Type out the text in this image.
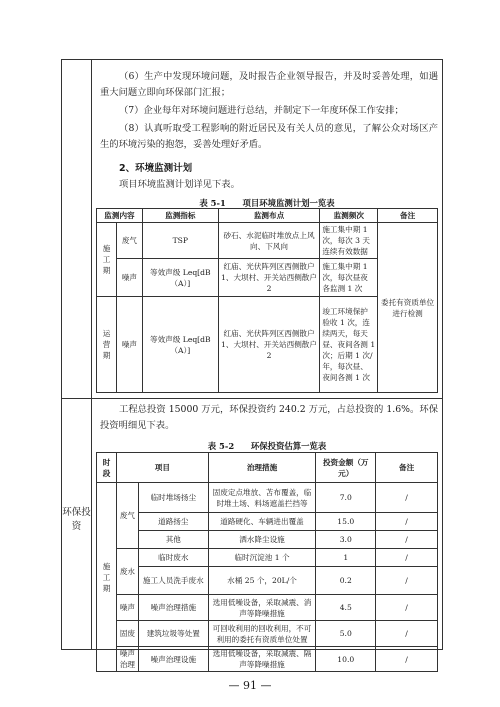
（6）生产中发现环境问题，及时报告企业领导报告，并及时妥善处理，如遇重大问题立即向环保部门汇报；
（7）企业每年对环境问题进行总结，并制定下一年度环保工作安排；
（8）认真听取受工程影响的附近居民及有关人员的意见，了解公众对场区产生的环境污染的抱怨，妥善处理好矛盾。
2、环境监测计划
项目环境监测计划详见下表。
表 5-1　　项目环境监测计划一览表
监测内容		监测指标	监测布点	监测频次	备注
施工期	废气	TSP	砂石、水泥临时堆放点上风向、下风向	施工集中期 1 次，每次 3 天连续有效数据	委托有资质单位进行检测
	噪声	等效声级 Leq[dB（A）]	红庙、光伏阵列区西侧散户 1、大坝村、开关站西侧散户 2	施工集中期 1 次，每次昼夜各监测 1 次	
运营期	噪声	等效声级 Leq[dB（A）]	红庙、光伏阵列区西侧散户 1、大坝村、开关站西侧散户 2	竣工环境保护验收 1 次，连续两天，每天昼、夜间各测 1 次；后期 1 次/年，每次昼、夜间各测 1 次	
环保投资
工程总投资 15000 万元，环保投资约 240.2 万元，占总投资的 1.6%。环保投资明细见下表。
表 5-2　　环保投资估算一览表
时段	项目		治理措施	投资金额（万元）	备注
施工期	废气	临时堆场扬尘	固废定点堆放、苫布覆盖，临时堆土场、料场遮盖拦挡等	7.0	/
		道路扬尘	道路硬化、车辆进出覆盖	15.0	/
		其他	洒水降尘设施	3.0	/
	废水	临时废水	临时沉淀池 1 个	1	/
		施工人员洗手废水	水桶 25 个，20L/个	0.2	/
	噪声	噪声治理措施	选用低噪设备，采取减震、消声等降噪措施	4.5	/
	固废	建筑垃圾等处置	可回收利用的回收利用，不可利用的委托有资质单位处置	5.0	/
	噪声治理	噪声治理设施	选用低噪设备，采取减震、隔声等降噪措施	10.0	/
— 91 —
